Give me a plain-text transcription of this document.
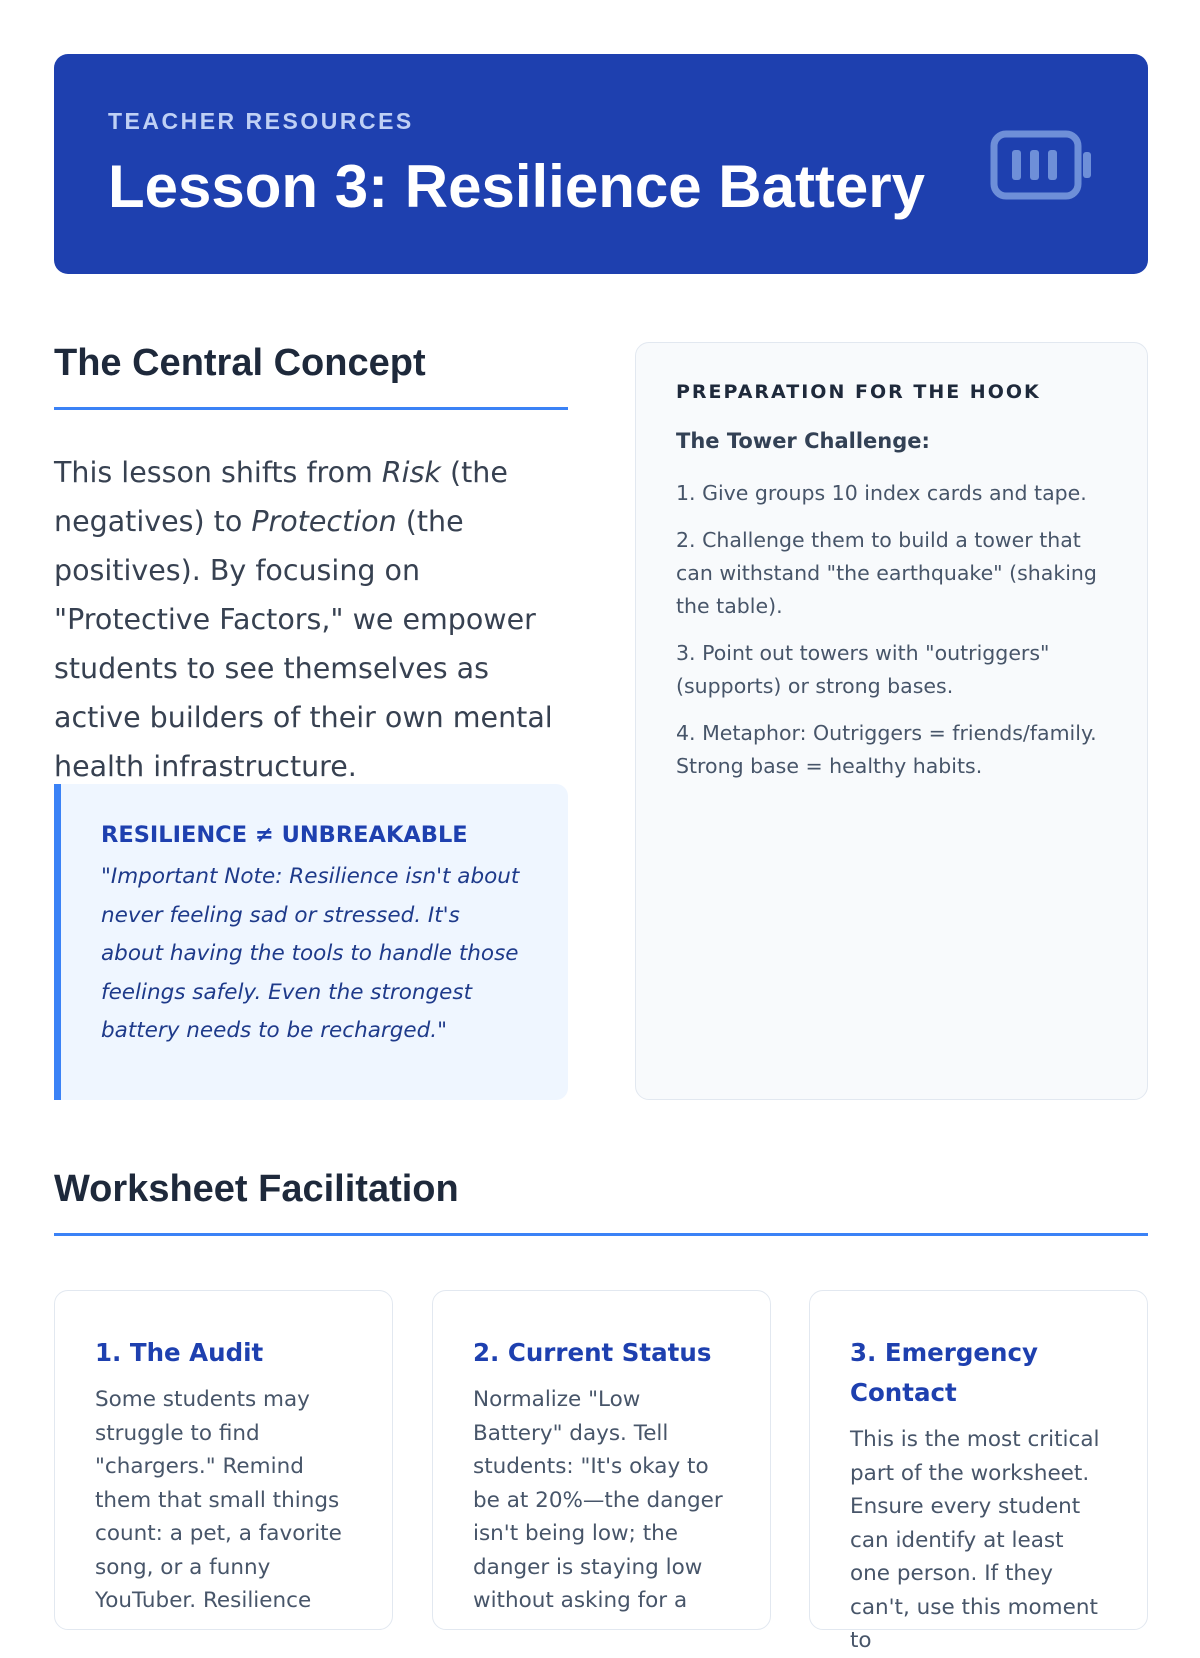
TEACHER RESOURCES
Lesson 3: Resilience Battery
The Central Concept

This lesson shifts from Risk (the negatives) to Protection (the positives). By focusing on "Protective Factors," we empower students to see themselves as active builders of their own mental health infrastructure.

RESILIENCE ≠ UNBREAKABLE
"Important Note: Resilience isn't about never feeling sad or stressed. It's about having the tools to handle those feelings safely. Even the strongest battery needs to be recharged."
PREPARATION FOR THE HOOK
The Tower Challenge:
1. Give groups 10 index cards and tape.
2. Challenge them to build a tower that can withstand "the earthquake" (shaking the table).
3. Point out towers with "outriggers" (supports) or strong bases.
4. Metaphor: Outriggers = friends/family. Strong base = healthy habits.
Worksheet Facilitation
1. The Audit
Some students may struggle to find "chargers." Remind them that small things count: a pet, a favorite song, or a funny YouTuber. Resilience
2. Current Status
Normalize "Low Battery" days. Tell students: "It's okay to be at 20%—the danger isn't being low; the danger is staying low without asking for a
3. Emergency Contact
This is the most critical part of the worksheet. Ensure every student can identify at least one person. If they can't, use this moment to
